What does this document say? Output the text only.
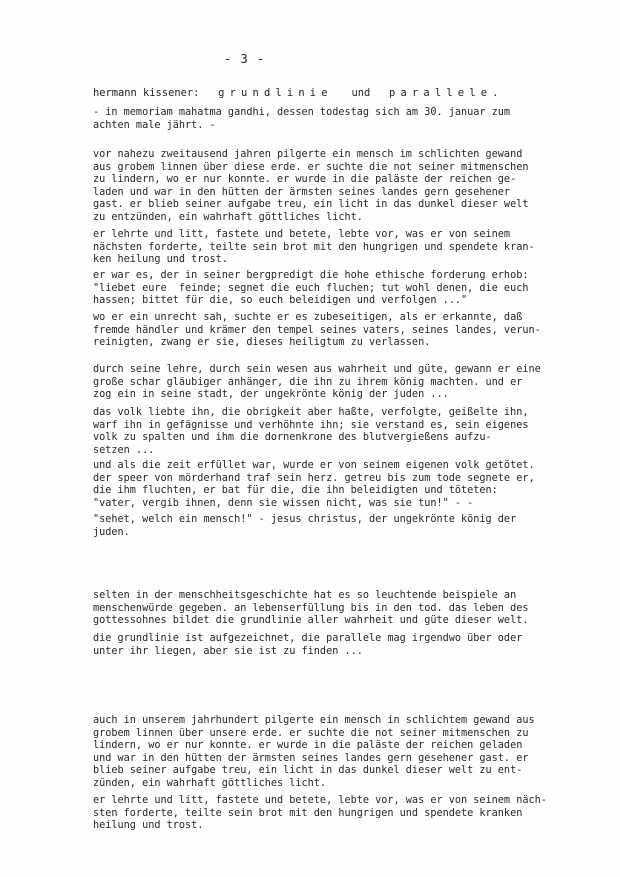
- 3 -
hermann kissener: grundlinie und parallele.

- in memoriam mahatma gandhi, dessen todestag sich am 30. januar zum
achten male jährt. -

vor nahezu zweitausend jahren pilgerte ein mensch im schlichten gewand
aus grobem linnen über diese erde. er suchte die not seiner mitmenschen
zu lindern, wo er nur konnte. er wurde in die paläste der reichen ge-
laden und war in den hütten der ärmsten seines landes gern gesehener
gast. er blieb seiner aufgabe treu, ein licht in das dunkel dieser welt
zu entzünden, ein wahrhaft göttliches licht.

er lehrte und litt, fastete und betete, lebte vor, was er von seinem
nächsten forderte, teilte sein brot mit den hungrigen und spendete kran-
ken heilung und trost.

er war es, der in seiner bergpredigt die hohe ethische forderung erhob:
"liebet eure  feinde; segnet die euch fluchen; tut wohl denen, die euch
hassen; bittet für die, so euch beleidigen und verfolgen ..."

wo er ein unrecht sah, suchte er es zubeseitigen, als er erkannte, daß
fremde händler und krämer den tempel seines vaters, seines landes, verun-
reinigten, zwang er sie, dieses heiligtum zu verlassen.

durch seine lehre, durch sein wesen aus wahrheit und güte, gewann er eine
große schar gläubiger anhänger, die ihn zu ihrem könig machten. und er
zog ein in seine stadt, der ungekrönte könig der juden ...

das volk liebte ihn, die obrigkeit aber haßte, verfolgte, geißelte ihn,
warf ihn in gefägnisse und verhöhnte ihn; sie verstand es, sein eigenes
volk zu spalten und ihm die dornenkrone des blutvergießens aufzu-
setzen ...

und als die zeit erfüllet war, wurde er von seinem eigenen volk getötet.
der speer von mörderhand traf sein herz. getreu bis zum tode segnete er,
die ihm fluchten, er bat für die, die ihn beleidigten und töteten:
"vater, vergib ihnen, denn sie wissen nicht, was sie tun!" - -

"sehet, welch ein mensch!" - jesus christus, der ungekrönte könig der
juden.

selten in der menschheitsgeschichte hat es so leuchtende beispiele an
menschenwürde gegeben. an lebenserfüllung bis in den tod. das leben des
gottessohnes bildet die grundlinie aller wahrheit und güte dieser welt.

die grundlinie ist aufgezeichnet, die parallele mag irgendwo über oder
unter ihr liegen, aber sie ist zu finden ...

auch in unserem jahrhundert pilgerte ein mensch in schlichtem gewand aus
grobem linnen über unsere erde. er suchte die not seiner mitmenschen zu
lindern, wo er nur konnte. er wurde in die paläste der reichen geladen
und war in den hütten der ärmsten seines landes gern gesehener gast. er
blieb seiner aufgabe treu, ein licht in das dunkel dieser welt zu ent-
zünden, ein wahrhaft göttliches licht.

er lehrte und litt, fastete und betete, lebte vor, was er von seinem näch-
sten forderte, teilte sein brot mit den hungrigen und spendete kranken
heilung und trost.
